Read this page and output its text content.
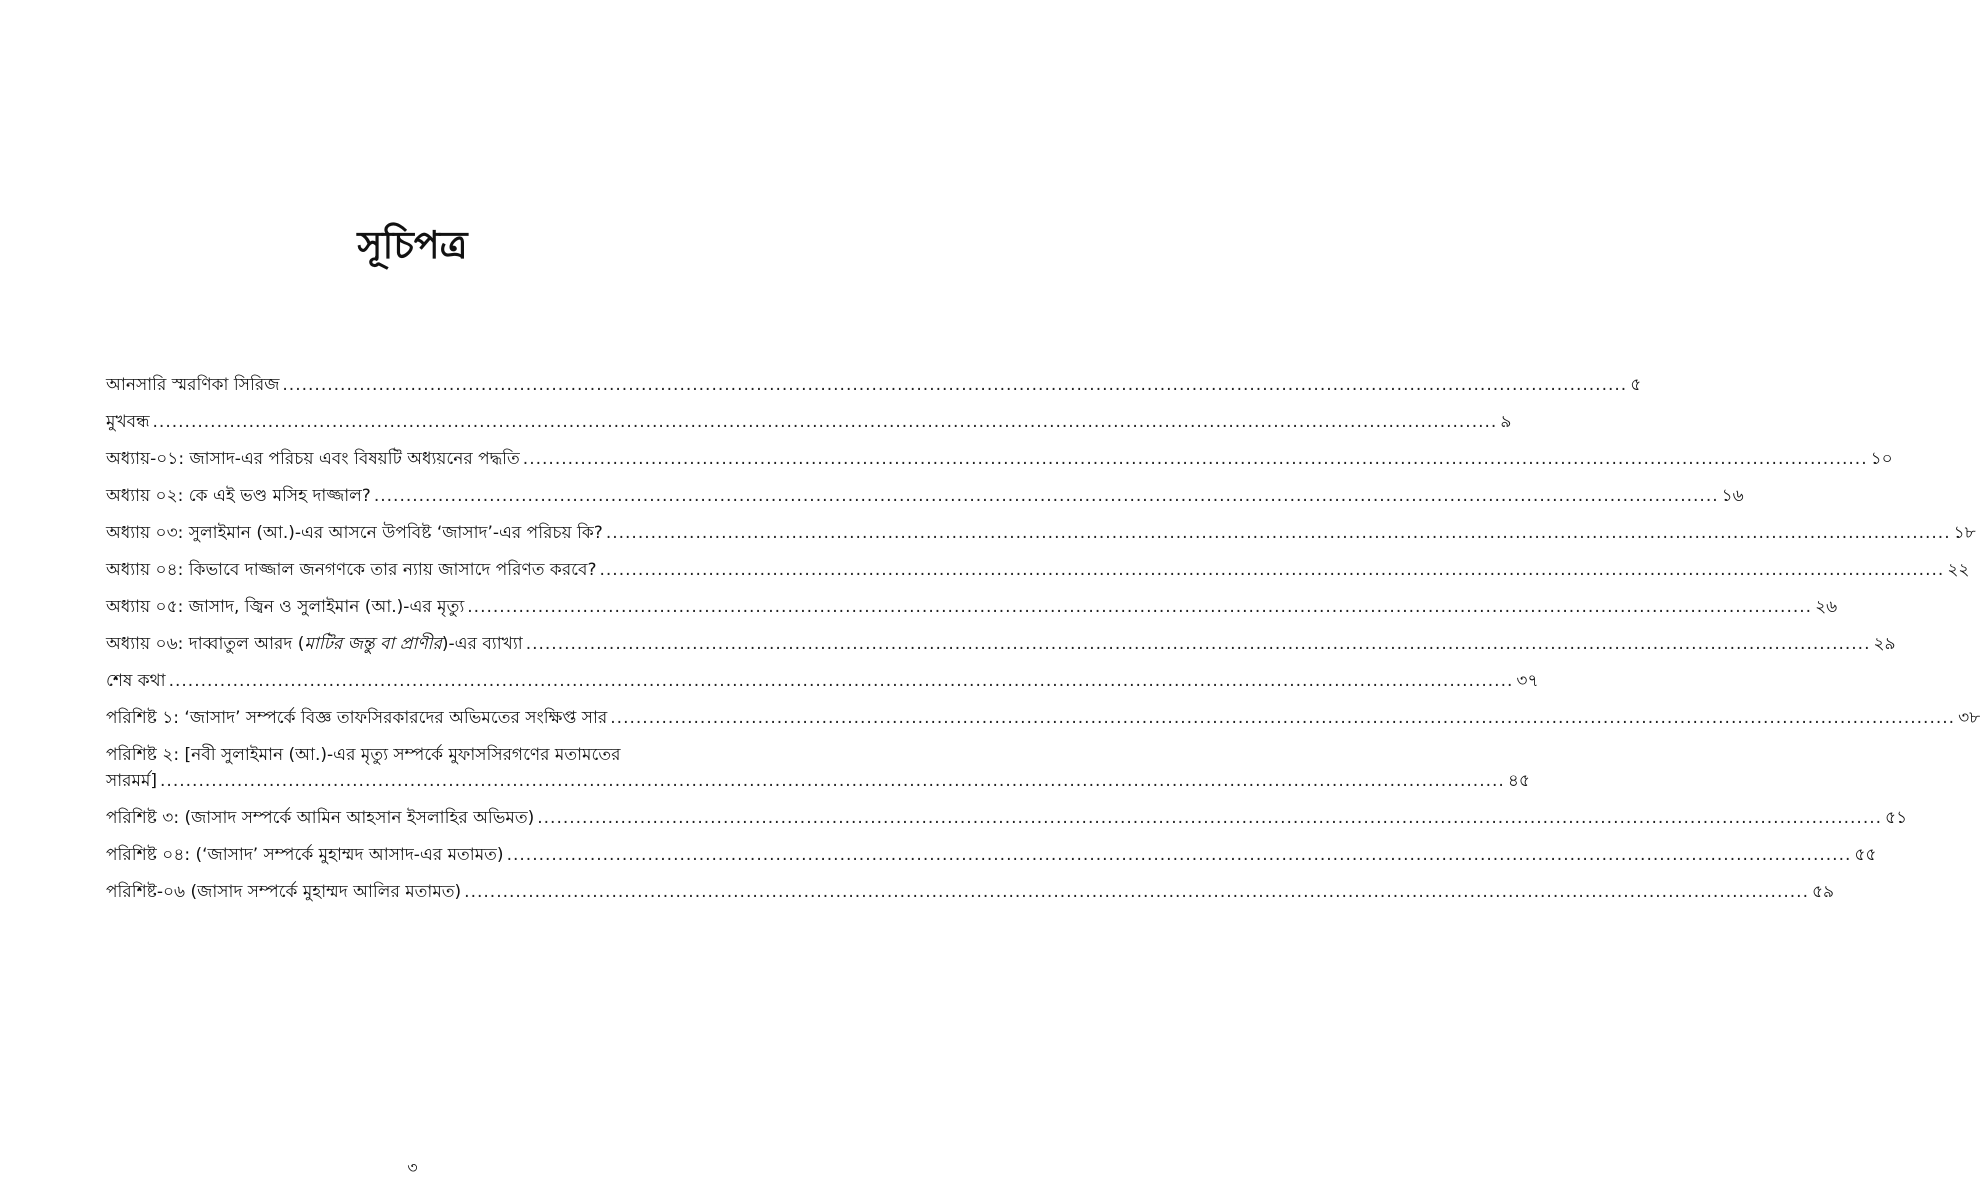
সূচিপত্র
আনসারি স্মরণিকা সিরিজ .....	৫
মুখবন্ধ .....	৯
অধ্যায়-০১: জাসাদ-এর পরিচয় এবং বিষয়টি অধ্যয়নের পদ্ধতি .....	১০
অধ্যায় ০২: কে এই ভণ্ড মসিহ দাজ্জাল? .....	১৬
অধ্যায় ০৩: সুলাইমান (আ.)-এর আসনে উপবিষ্ট ‘জাসাদ’-এর পরিচয় কি? .....	১৮
অধ্যায় ০৪: কিভাবে দাজ্জাল জনগণকে তার ন্যায় জাসাদে পরিণত করবে? .....	২২
অধ্যায় ০৫: জাসাদ, জ্বিন ও সুলাইমান (আ.)-এর মৃত্যু .....	২৬
অধ্যায় ০৬: দাব্বাতুল আরদ (মাটির জন্তু বা প্রাণীর)-এর ব্যাখ্যা .....	২৯
শেষ কথা .....	৩৭
পরিশিষ্ট ১: ‘জাসাদ’ সম্পর্কে বিজ্ঞ তাফসিরকারদের অভিমতের সংক্ষিপ্ত সার .....	৩৮
পরিশিষ্ট ২: [নবী সুলাইমান (আ.)-এর মৃত্যু সম্পর্কে মুফাসসিরগণের মতামতের
সারমর্ম] .....	৪৫
পরিশিষ্ট ৩: (জাসাদ সম্পর্কে আমিন আহসান ইসলাহির অভিমত) .....	৫১
পরিশিষ্ট ০৪: (‘জাসাদ’ সম্পর্কে মুহাম্মদ আসাদ-এর মতামত) .....	৫৫
পরিশিষ্ট-০৬ (জাসাদ সম্পর্কে মুহাম্মদ আলির মতামত) .....	৫৯
৩
